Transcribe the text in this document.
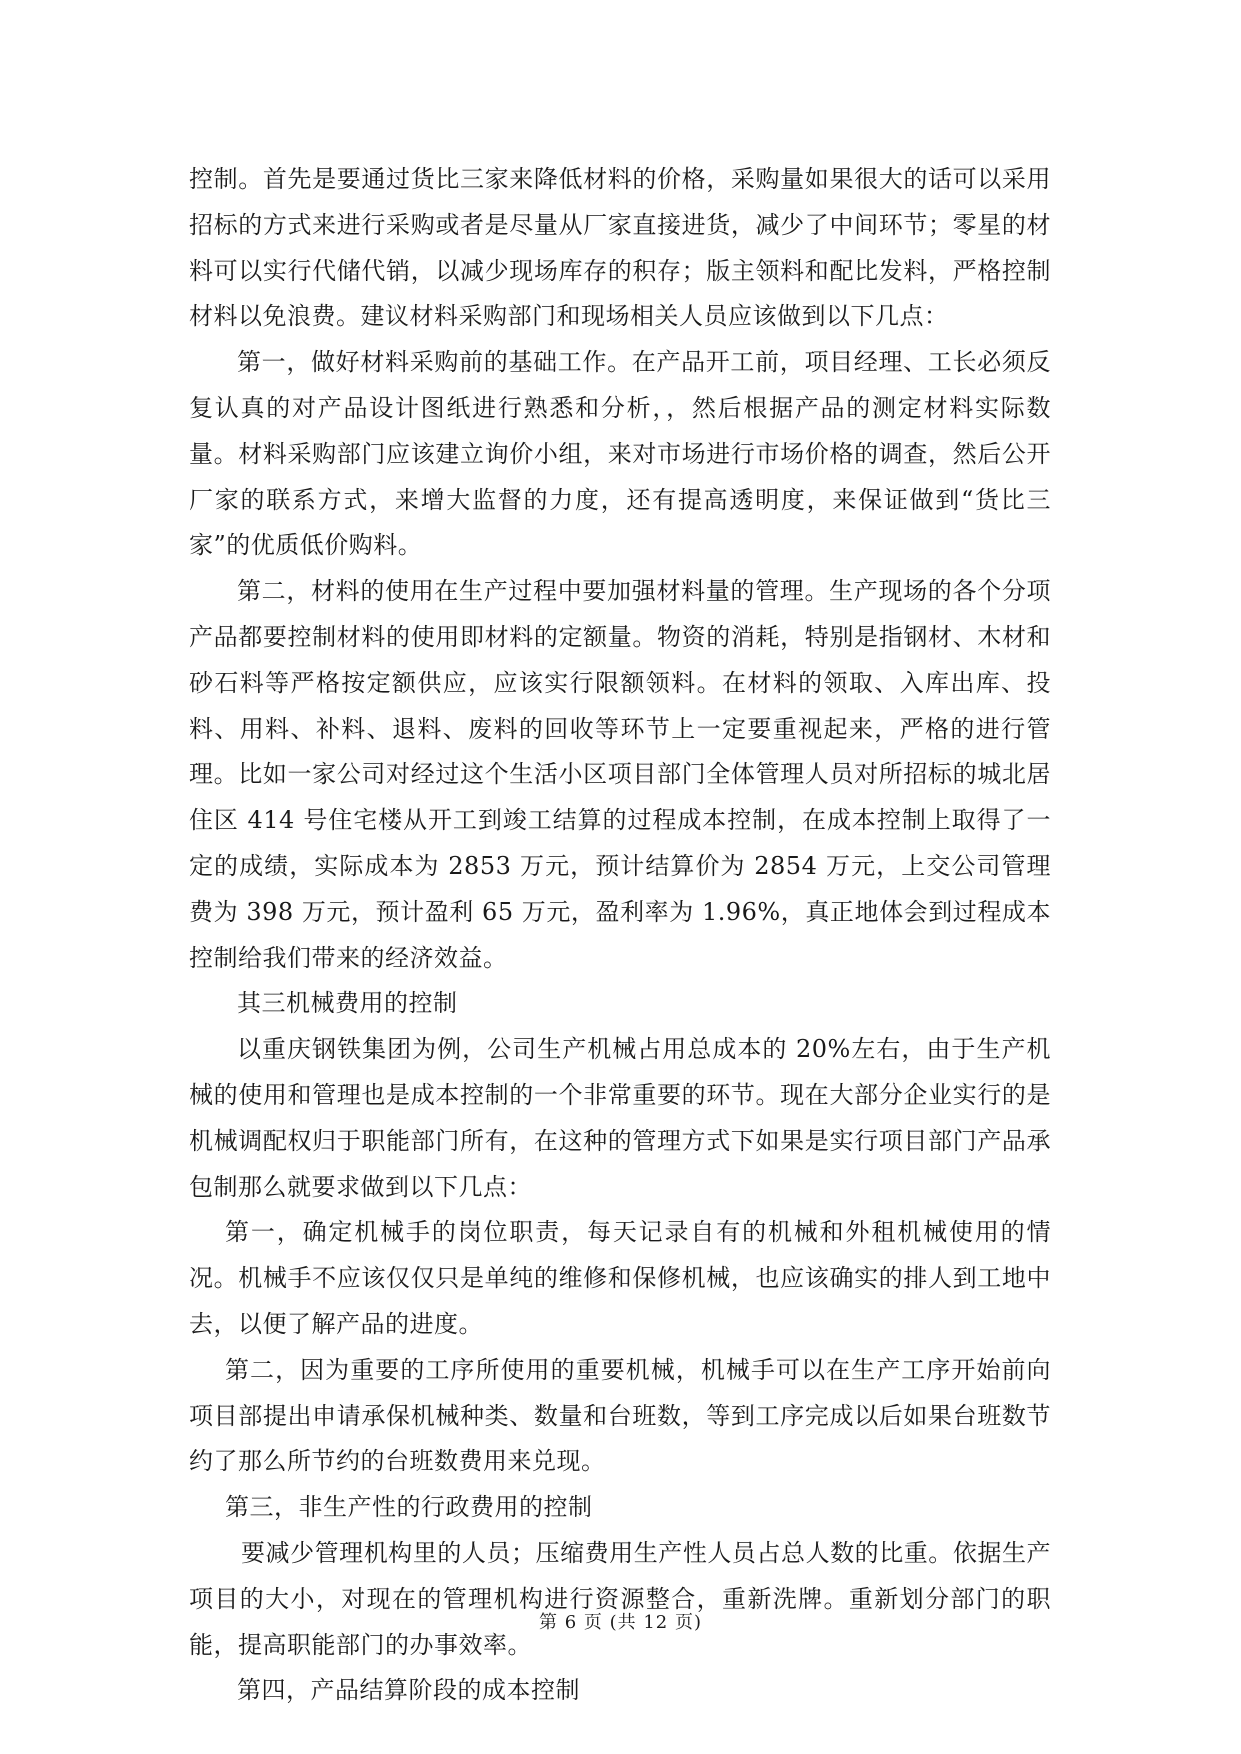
控制。首先是要通过货比三家来降低材料的价格，采购量如果很大的话可以采用招标的方式来进行采购或者是尽量从厂家直接进货，减少了中间环节；零星的材料可以实行代储代销，以减少现场库存的积存；版主领料和配比发料，严格控制材料以免浪费。建议材料采购部门和现场相关人员应该做到以下几点：

第一，做好材料采购前的基础工作。在产品开工前，项目经理、工长必须反复认真的对产品设计图纸进行熟悉和分析，，然后根据产品的测定材料实际数量。材料采购部门应该建立询价小组，来对市场进行市场价格的调查，然后公开厂家的联系方式，来增大监督的力度，还有提高透明度，来保证做到“货比三家”的优质低价购料。

第二，材料的使用在生产过程中要加强材料量的管理。生产现场的各个分项产品都要控制材料的使用即材料的定额量。物资的消耗，特别是指钢材、木材和砂石料等严格按定额供应，应该实行限额领料。在材料的领取、入库出库、投料、用料、补料、退料、废料的回收等环节上一定要重视起来，严格的进行管理。比如一家公司对经过这个生活小区项目部门全体管理人员对所招标的城北居住区 414 号住宅楼从开工到竣工结算的过程成本控制，在成本控制上取得了一定的成绩，实际成本为 2853 万元，预计结算价为 2854 万元，上交公司管理费为 398 万元，预计盈利 65 万元，盈利率为 1.96%，真正地体会到过程成本控制给我们带来的经济效益。

其三机械费用的控制

以重庆钢铁集团为例，公司生产机械占用总成本的 20%左右，由于生产机械的使用和管理也是成本控制的一个非常重要的环节。现在大部分企业实行的是机械调配权归于职能部门所有，在这种的管理方式下如果是实行项目部门产品承包制那么就要求做到以下几点：

第一，确定机械手的岗位职责，每天记录自有的机械和外租机械使用的情况。机械手不应该仅仅只是单纯的维修和保修机械，也应该确实的排人到工地中去，以便了解产品的进度。

第二，因为重要的工序所使用的重要机械，机械手可以在生产工序开始前向项目部提出申请承保机械种类、数量和台班数，等到工序完成以后如果台班数节约了那么所节约的台班数费用来兑现。

第三，非生产性的行政费用的控制

要减少管理机构里的人员；压缩费用生产性人员占总人数的比重。依据生产项目的大小，对现在的管理机构进行资源整合，重新洗牌。重新划分部门的职能，提高职能部门的办事效率。

第四，产品结算阶段的成本控制

第 6 页 (共 12 页)
